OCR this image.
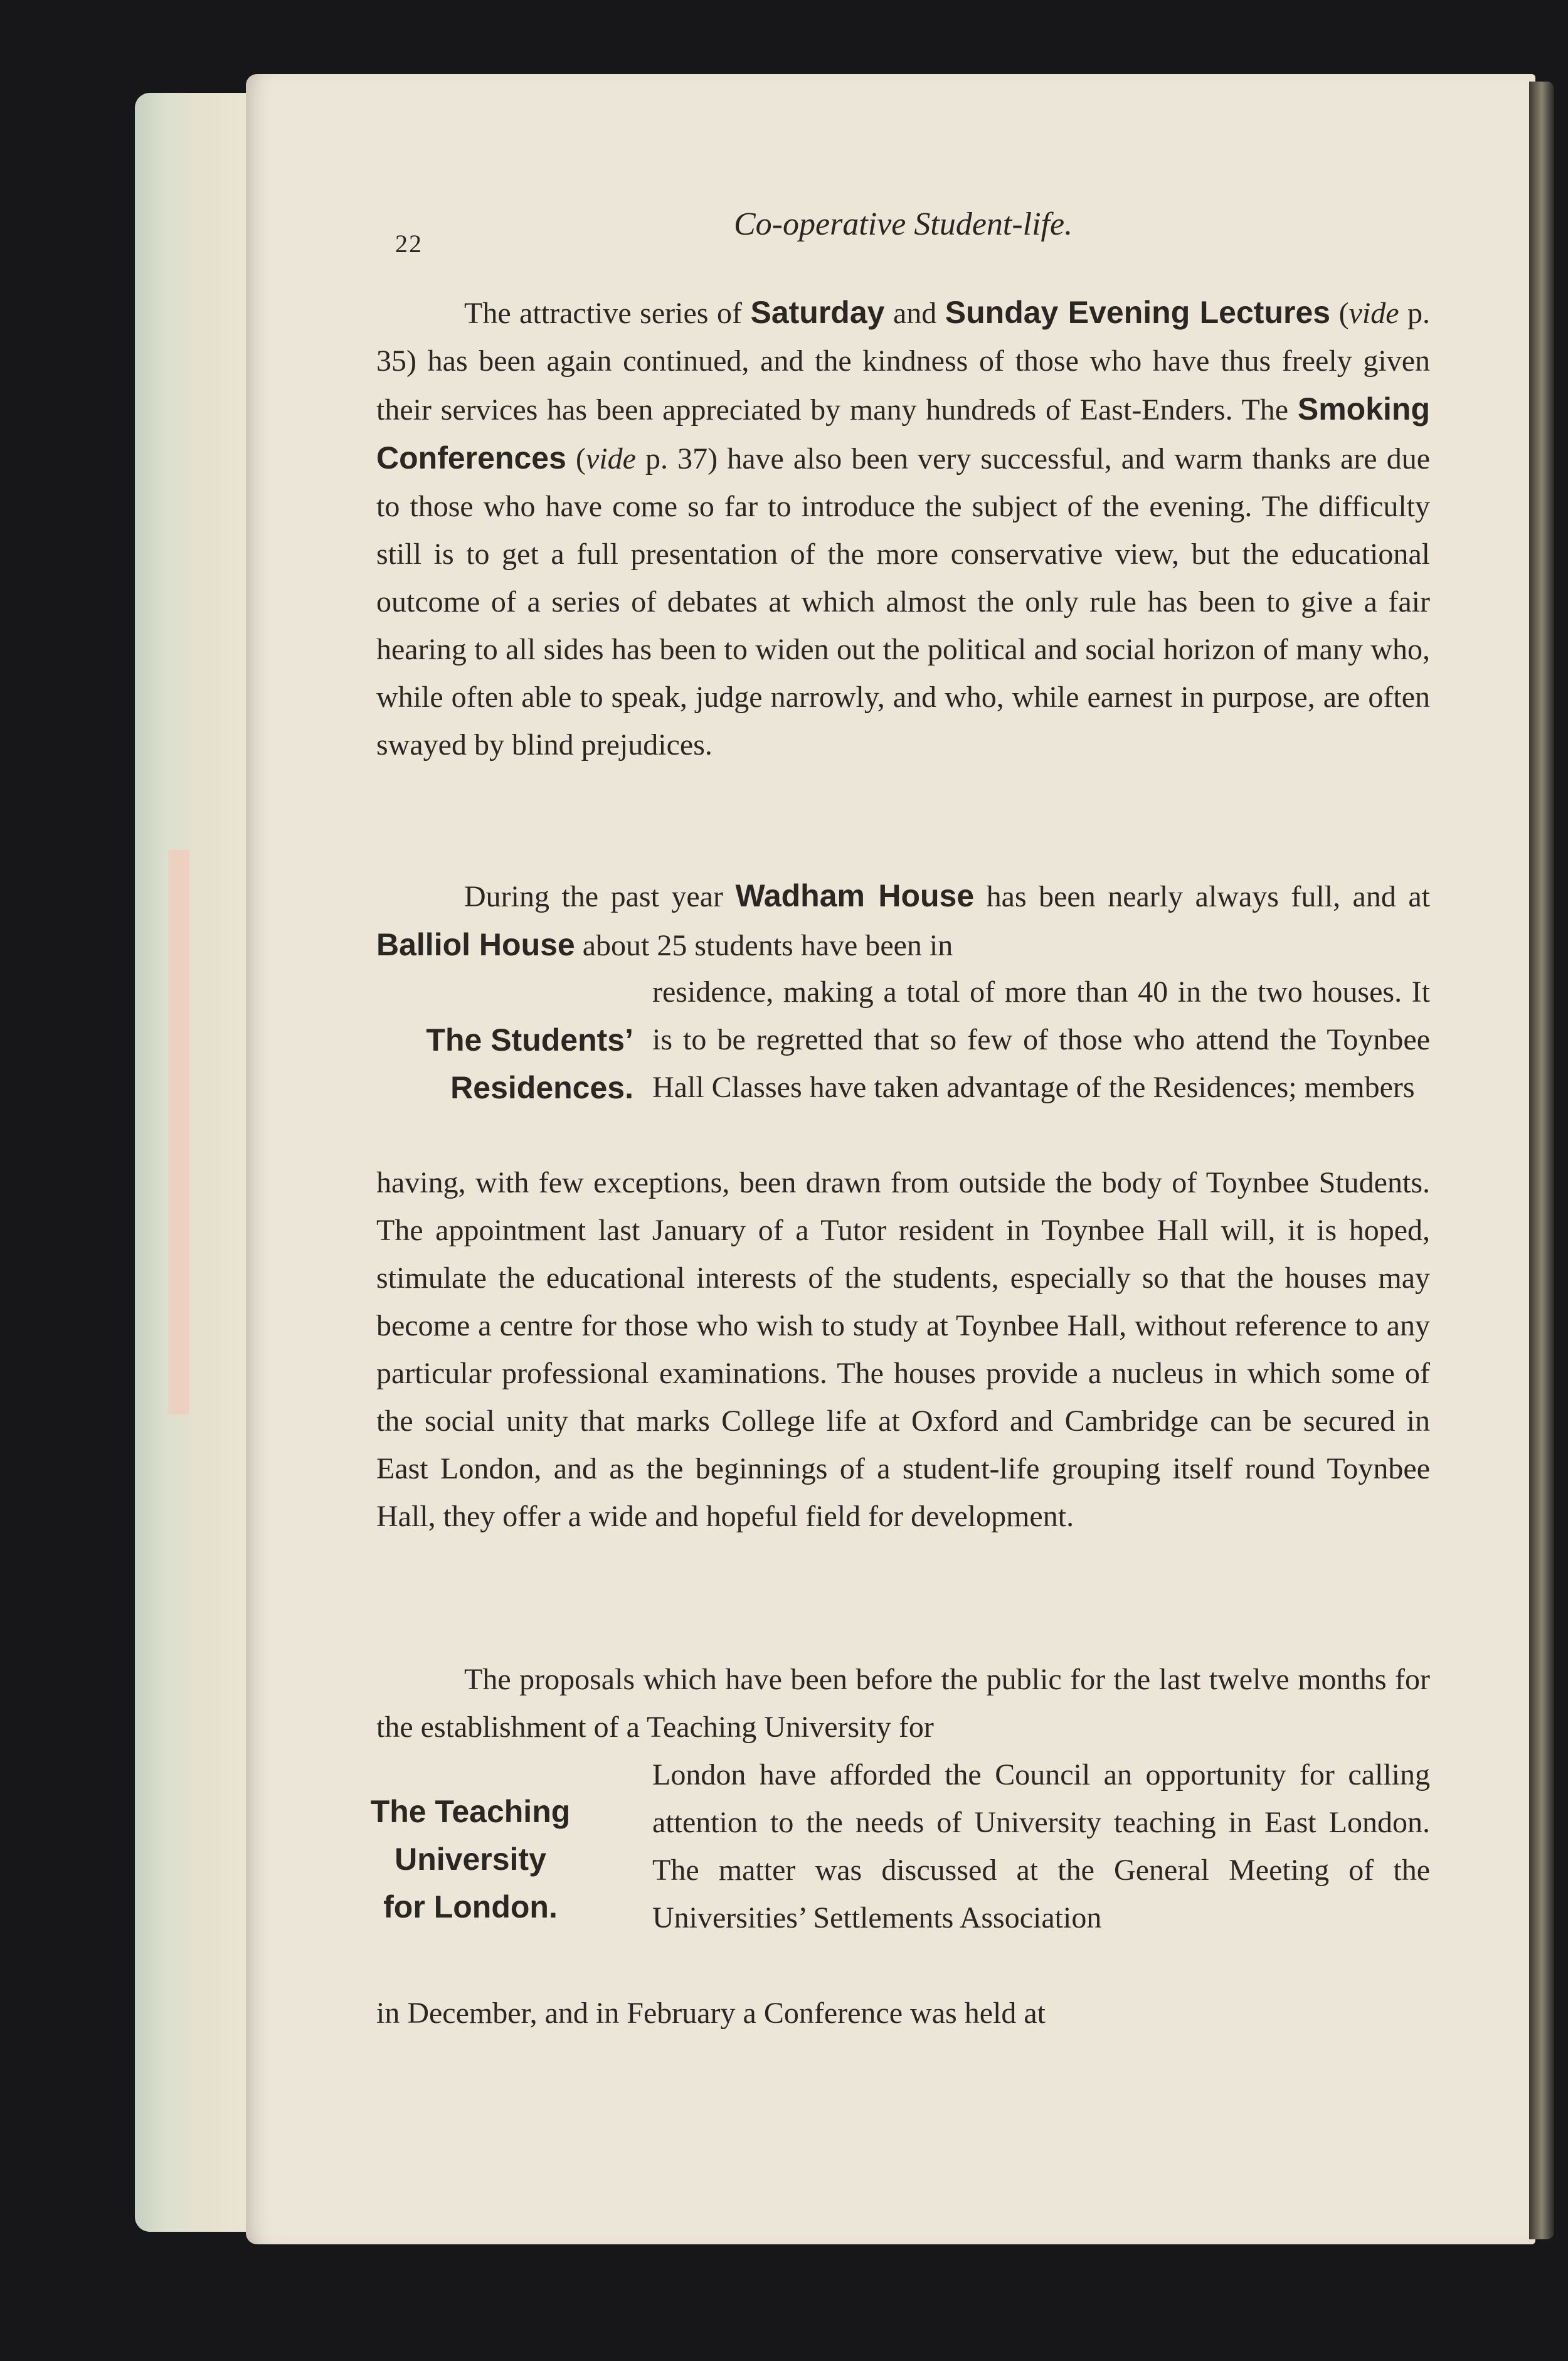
22
Co-operative Student-life.

The attractive series of Saturday and Sunday Evening Lectures (vide p. 35) has been again continued, and the kindness of those who have thus freely given their services has been appreciated by many hundreds of East-Enders. The Smoking Conferences (vide p. 37) have also been very successful, and warm thanks are due to those who have come so far to introduce the subject of the evening. The difficulty still is to get a full presentation of the more conservative view, but the educational outcome of a series of debates at which almost the only rule has been to give a fair hearing to all sides has been to widen out the political and social horizon of many who, while often able to speak, judge narrowly, and who, while earnest in purpose, are often swayed by blind prejudices.

During the past year Wadham House has been nearly always full, and at Balliol House about 25 students have been in

The Students’
Residences.

residence, making a total of more than 40 in the two houses. It is to be regretted that so few of those who attend the Toynbee Hall Classes have taken advantage of the Residences; members

having, with few exceptions, been drawn from outside the body of Toynbee Students. The appointment last January of a Tutor resident in Toynbee Hall will, it is hoped, stimulate the educational interests of the students, especially so that the houses may become a centre for those who wish to study at Toynbee Hall, without reference to any particular professional examinations. The houses provide a nucleus in which some of the social unity that marks College life at Oxford and Cambridge can be secured in East London, and as the beginnings of a student-life grouping itself round Toynbee Hall, they offer a wide and hopeful field for development.

The proposals which have been before the public for the last twelve months for the establishment of a Teaching University for

The Teaching
University
for London.

London have afforded the Council an opportunity for calling attention to the needs of University teaching in East London. The matter was discussed at the General Meeting of the Universities’ Settlements Association

in December, and in February a Conference was held at
